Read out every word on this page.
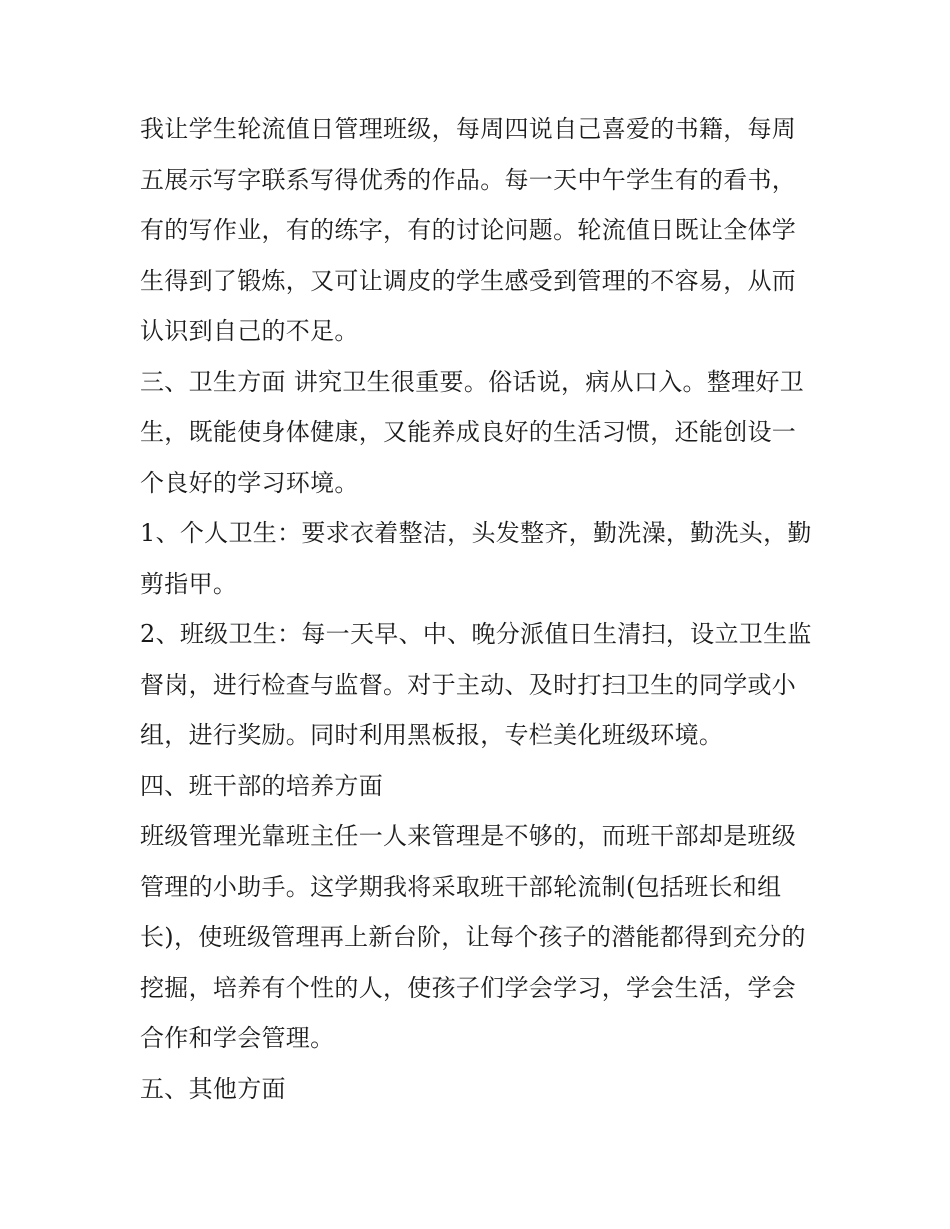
我让学生轮流值日管理班级，每周四说自己喜爱的书籍，每周五展示写字联系写得优秀的作品。每一天中午学生有的看书，有的写作业，有的练字，有的讨论问题。轮流值日既让全体学生得到了锻炼，又可让调皮的学生感受到管理的不容易，从而认识到自己的不足。

三、卫生方面 讲究卫生很重要。俗话说，病从口入。整理好卫生，既能使身体健康，又能养成良好的生活习惯，还能创设一个良好的学习环境。

1、个人卫生：要求衣着整洁，头发整齐，勤洗澡，勤洗头，勤剪指甲。

2、班级卫生：每一天早、中、晚分派值日生清扫，设立卫生监督岗，进行检查与监督。对于主动、及时打扫卫生的同学或小组，进行奖励。同时利用黑板报，专栏美化班级环境。

四、班干部的培养方面

班级管理光靠班主任一人来管理是不够的，而班干部却是班级管理的小助手。这学期我将采取班干部轮流制(包括班长和组长)，使班级管理再上新台阶，让每个孩子的潜能都得到充分的挖掘，培养有个性的人，使孩子们学会学习，学会生活，学会合作和学会管理。

五、其他方面
